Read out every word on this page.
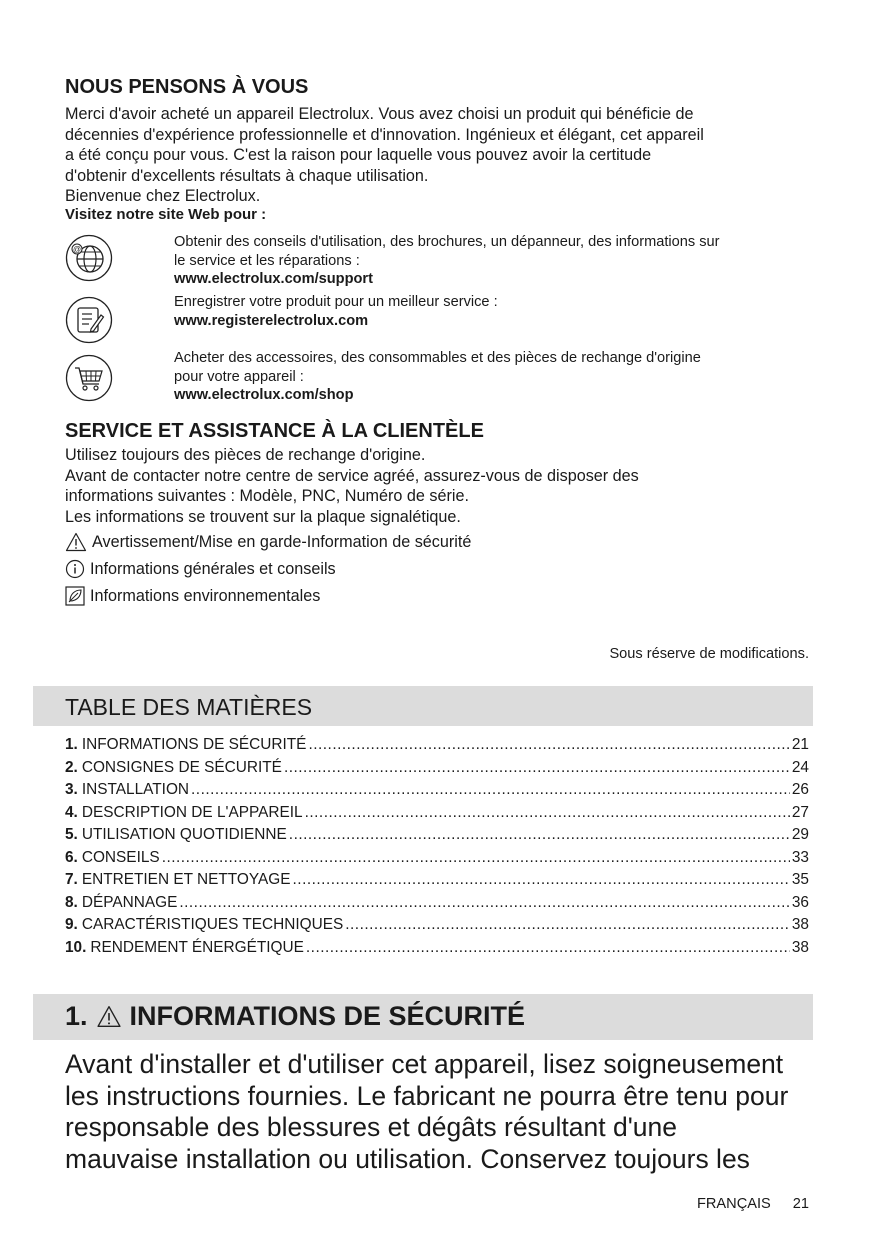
NOUS PENSONS À VOUS

Merci d'avoir acheté un appareil Electrolux. Vous avez choisi un produit qui bénéficie de
décennies d'expérience professionnelle et d'innovation. Ingénieux et élégant, cet appareil
a été conçu pour vous. C'est la raison pour laquelle vous pouvez avoir la certitude
d'obtenir d'excellents résultats à chaque utilisation.
Bienvenue chez Electrolux.

Visitez notre site Web pour :
@	Obtenir des conseils d'utilisation, des brochures, un dépanneur, des informations sur
le service et les réparations :
www.electrolux.com/support
Enregistrer votre produit pour un meilleur service :
www.registerelectrolux.com
Acheter des accessoires, des consommables et des pièces de rechange d'origine
pour votre appareil :
www.electrolux.com/shop
SERVICE ET ASSISTANCE À LA CLIENTÈLE

Utilisez toujours des pièces de rechange d'origine.
Avant de contacter notre centre de service agréé, assurez-vous de disposer des
informations suivantes : Modèle, PNC, Numéro de série.
Les informations se trouvent sur la plaque signalétique.

Avertissement/Mise en garde-Information de sécurité
Informations générales et conseils
Informations environnementales
Sous réserve de modifications.
TABLE DES MATIÈRES
1. INFORMATIONS DE SÉCURITÉ .....	21
2. CONSIGNES DE SÉCURITÉ .....	24
3. INSTALLATION .....	26
4. DESCRIPTION DE L'APPAREIL .....	27
5. UTILISATION QUOTIDIENNE .....	29
6. CONSEILS .....	33
7. ENTRETIEN ET NETTOYAGE .....	35
8. DÉPANNAGE .....	36
9. CARACTÉRISTIQUES TECHNIQUES .....	38
10. RENDEMENT ÉNERGÉTIQUE .....	38
1. INFORMATIONS DE SÉCURITÉ
Avant d'installer et d'utiliser cet appareil, lisez soigneusement
les instructions fournies. Le fabricant ne pourra être tenu pour
responsable des blessures et dégâts résultant d'une
mauvaise installation ou utilisation. Conservez toujours les
FRANÇAIS 21
